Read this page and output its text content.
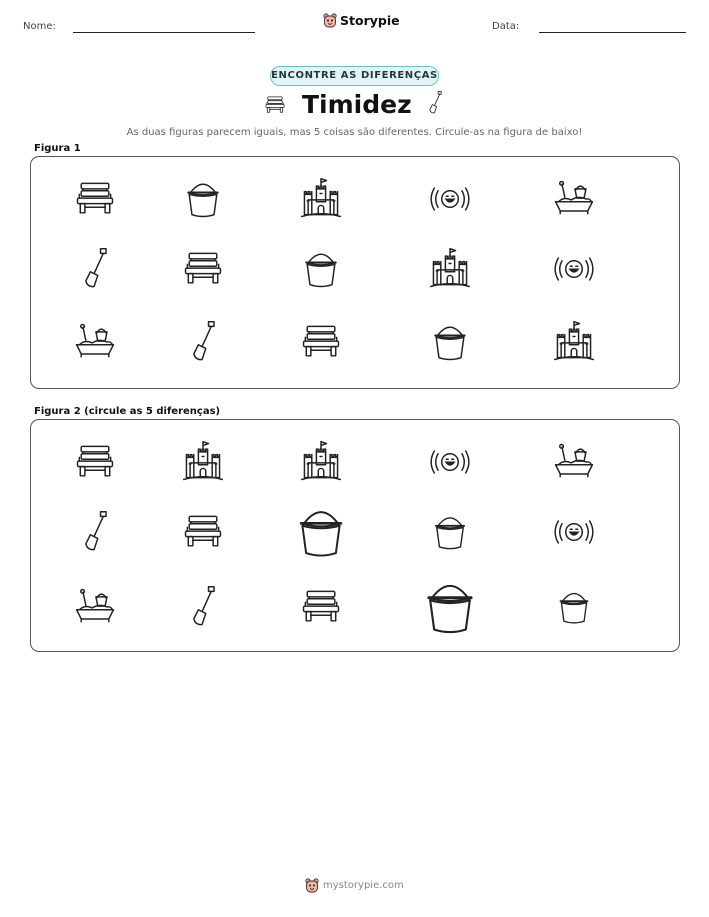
Nome:	Storypie	Data:
ENCONTRE AS DIFERENÇAS
Timidez
As duas figuras parecem iguais, mas 5 coisas são diferentes. Circule-as na figura de baixo!
Figura 1
Figura 2 (circule as 5 diferenças)
mystorypie.com
